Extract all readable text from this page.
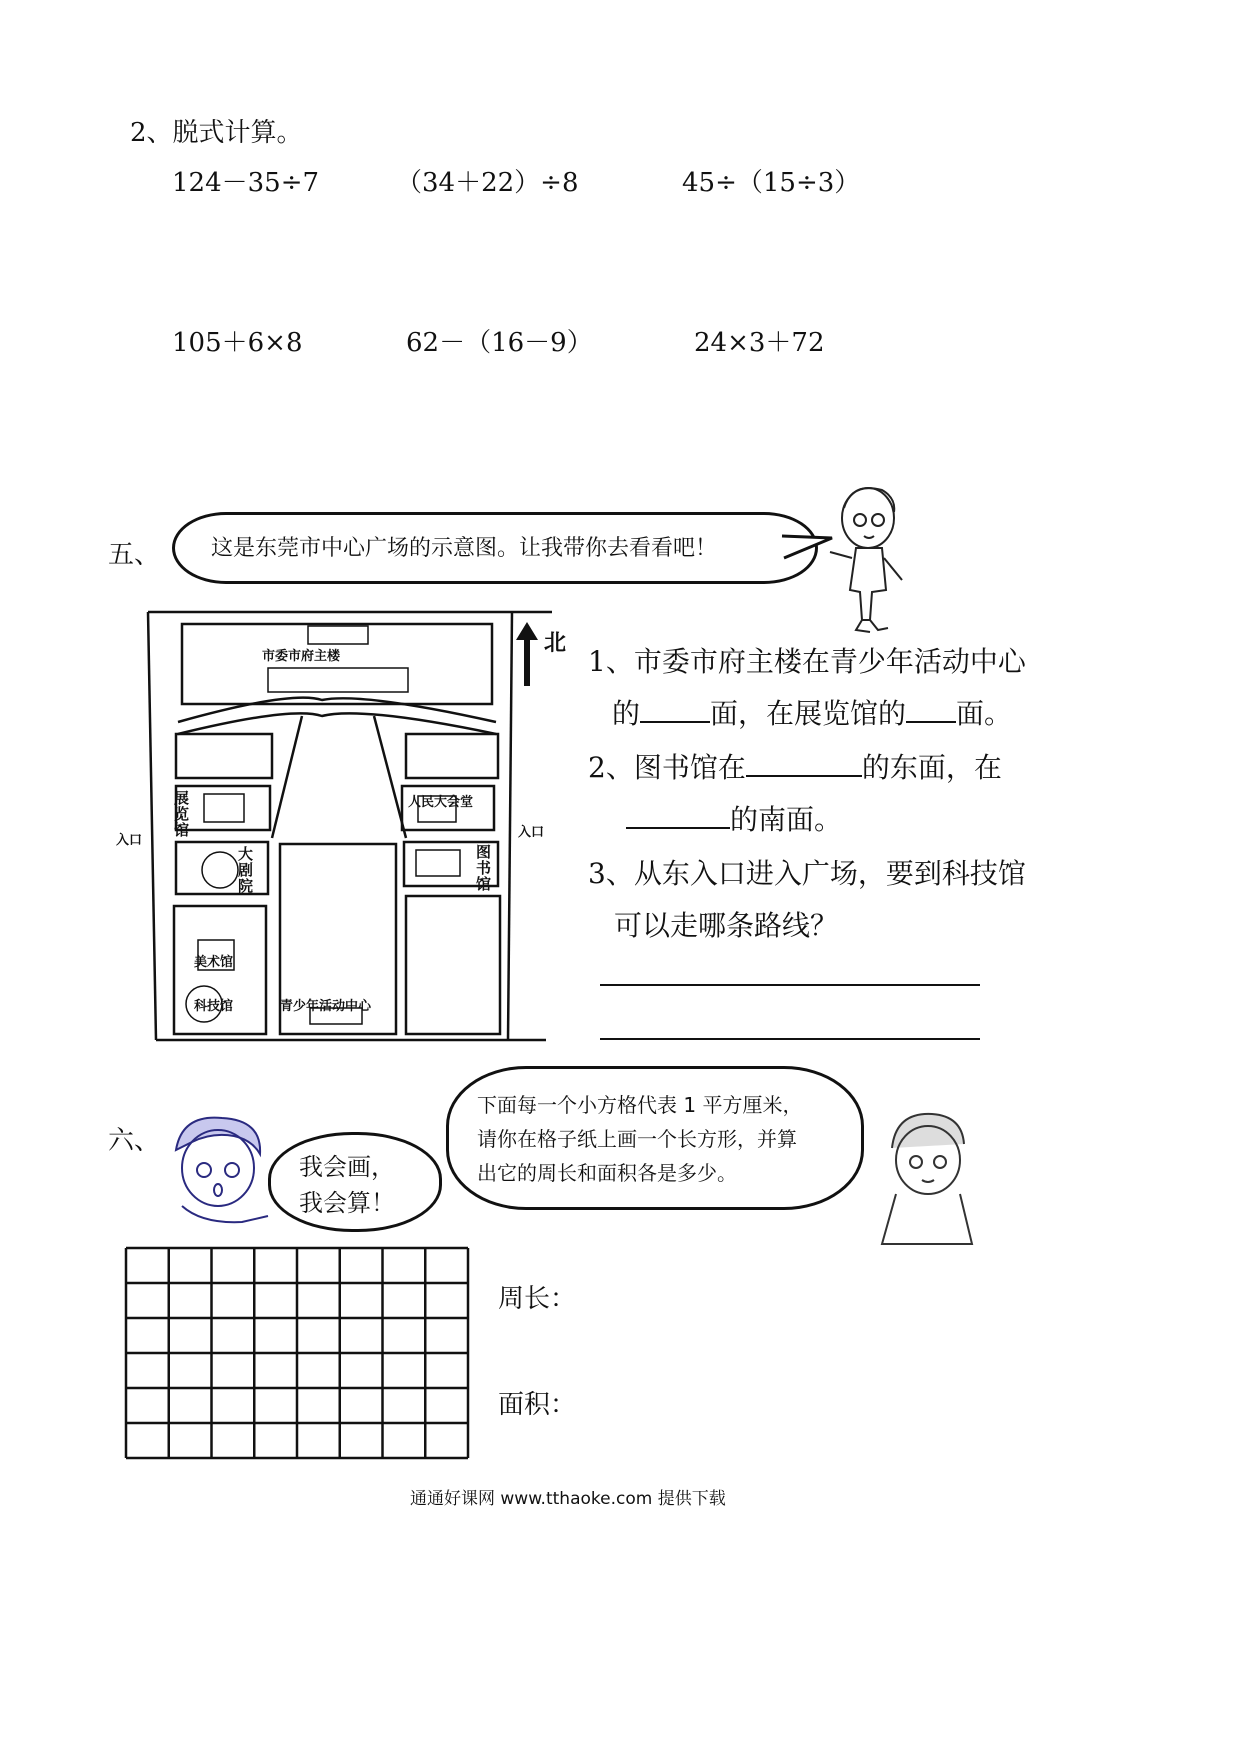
2、脱式计算。
124－35÷7	（34＋22）÷8	45÷（15÷3）
105＋6×8	62－（16－9）	24×3＋72
五、 这是东莞市中心广场的示意图。让我带你去看看吧！
市委市府主楼
人民大会堂
青少年活动中心
美术馆
科技馆
入口
入口
展览馆
大剧院
图书馆
北
1、市委市府主楼在青少年活动中心
的	面，在展览馆的 面。
2、图书馆在	的东面，在
的南面。
3、从东入口进入广场，要到科技馆
可以走哪条路线？
六、
我会画，
我会算！
下面每一个小方格代表 1 平方厘米，
请你在格子纸上画一个长方形，并算
出它的周长和面积各是多少。
周长：
面积：
通通好课网 www.tthaoke.com 提供下载
